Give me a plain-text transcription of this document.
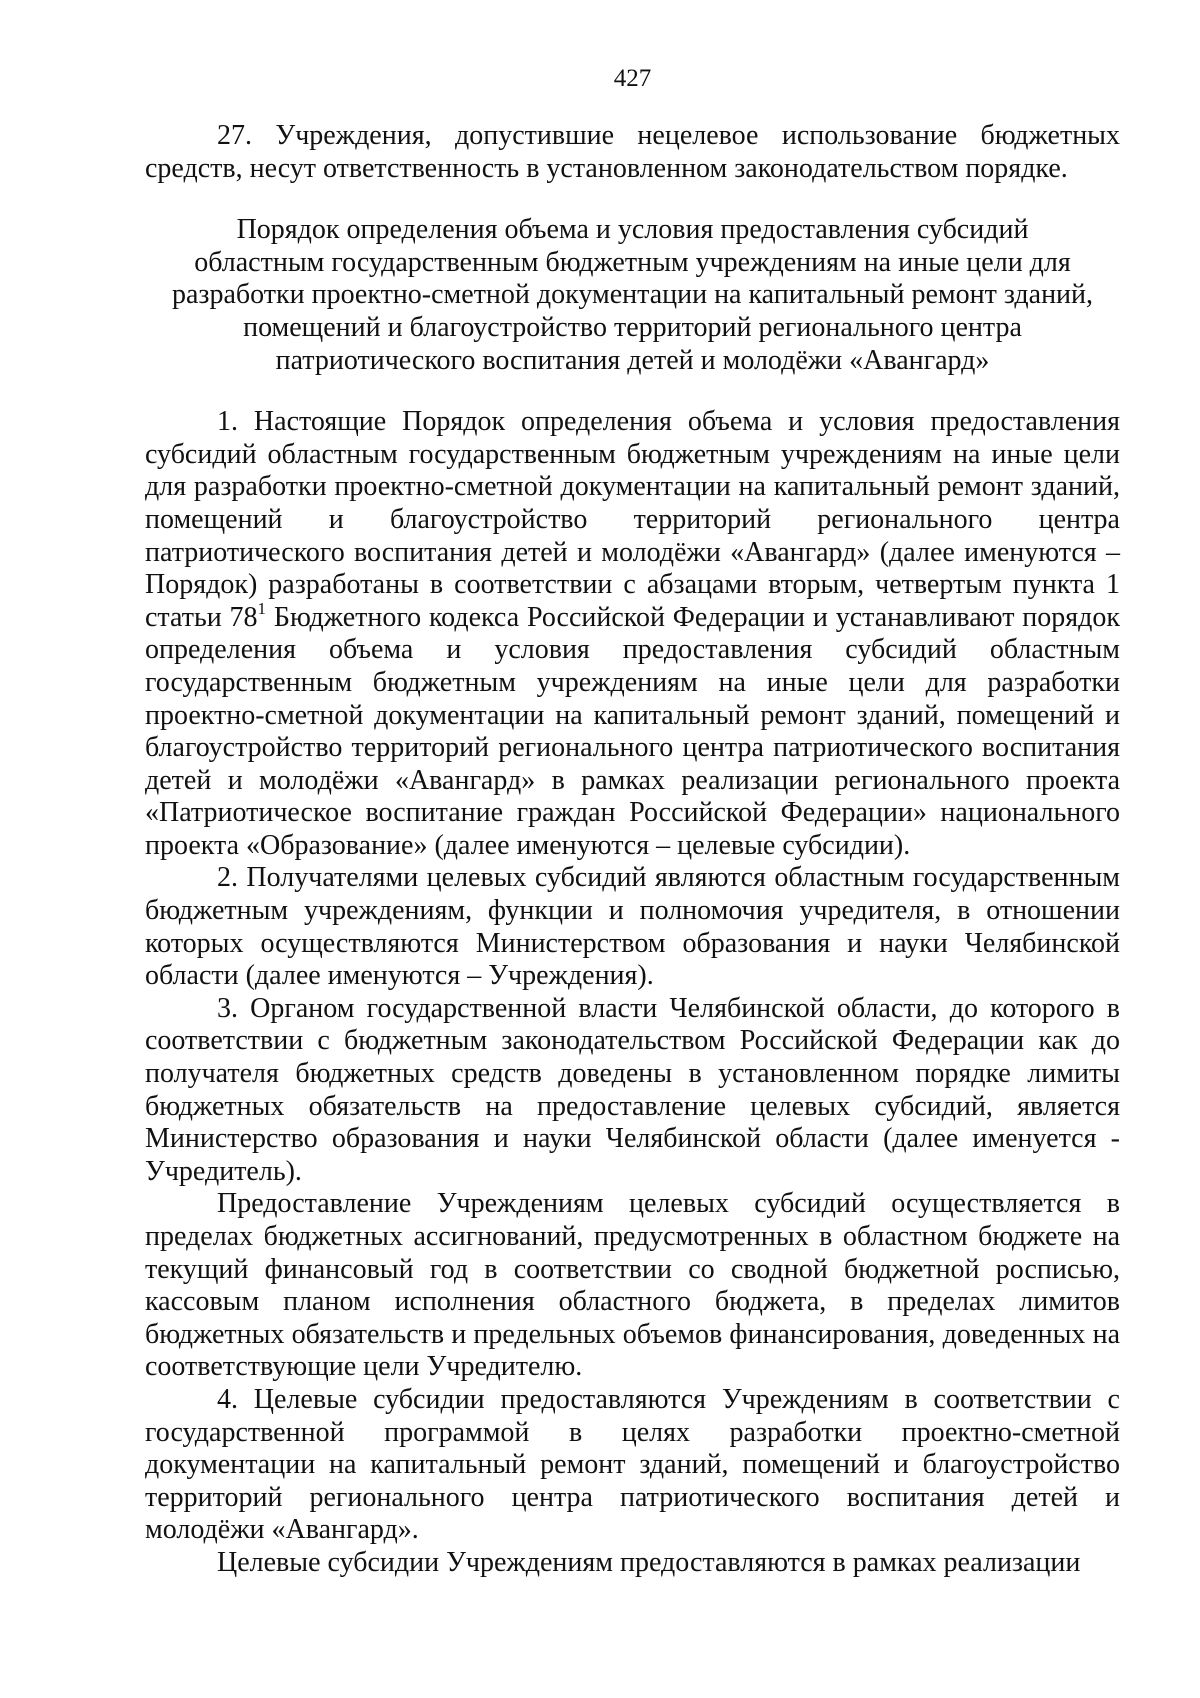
427

27. Учреждения, допустившие нецелевое использование бюджетных средств, несут ответственность в установленном законодательством порядке.

Порядок определения объема и условия предоставления субсидий
областным государственным бюджетным учреждениям на иные цели для
разработки проектно-сметной документации на капитальный ремонт зданий,
помещений и благоустройство территорий регионального центра
патриотического воспитания детей и молодёжи «Авангард»

1. Настоящие Порядок определения объема и условия предоставления субсидий областным государственным бюджетным учреждениям на иные цели для разработки проектно-сметной документации на капитальный ремонт зданий, помещений и благоустройство территорий регионального центра патриотического воспитания детей и молодёжи «Авангард» (далее именуются – Порядок) разработаны в соответствии с абзацами вторым, четвертым пункта 1 статьи $78^1$ Бюджетного кодекса Российской Федерации и устанавливают порядок определения объема и условия предоставления субсидий областным государственным бюджетным учреждениям на иные цели для разработки проектно-сметной документации на капитальный ремонт зданий, помещений и благоустройство территорий регионального центра патриотического воспитания детей и молодёжи «Авангард» в рамках реализации регионального проекта «Патриотическое воспитание граждан Российской Федерации» национального проекта «Образование» (далее именуются – целевые субсидии).

2. Получателями целевых субсидий являются областным государственным бюджетным учреждениям, функции и полномочия учредителя, в отношении которых осуществляются Министерством образования и науки Челябинской области (далее именуются – Учреждения).

3. Органом государственной власти Челябинской области, до которого в соответствии с бюджетным законодательством Российской Федерации как до получателя бюджетных средств доведены в установленном порядке лимиты бюджетных обязательств на предоставление целевых субсидий, является Министерство образования и науки Челябинской области (далее именуется - Учредитель).

Предоставление Учреждениям целевых субсидий осуществляется в пределах бюджетных ассигнований, предусмотренных в областном бюджете на текущий финансовый год в соответствии со сводной бюджетной росписью, кассовым планом исполнения областного бюджета, в пределах лимитов бюджетных обязательств и предельных объемов финансирования, доведенных на соответствующие цели Учредителю.

4. Целевые субсидии предоставляются Учреждениям в соответствии с государственной программой в целях разработки проектно-сметной документации на капитальный ремонт зданий, помещений и благоустройство территорий регионального центра патриотического воспитания детей и молодёжи «Авангард».

Целевые субсидии Учреждениям предоставляются в рамках реализации
